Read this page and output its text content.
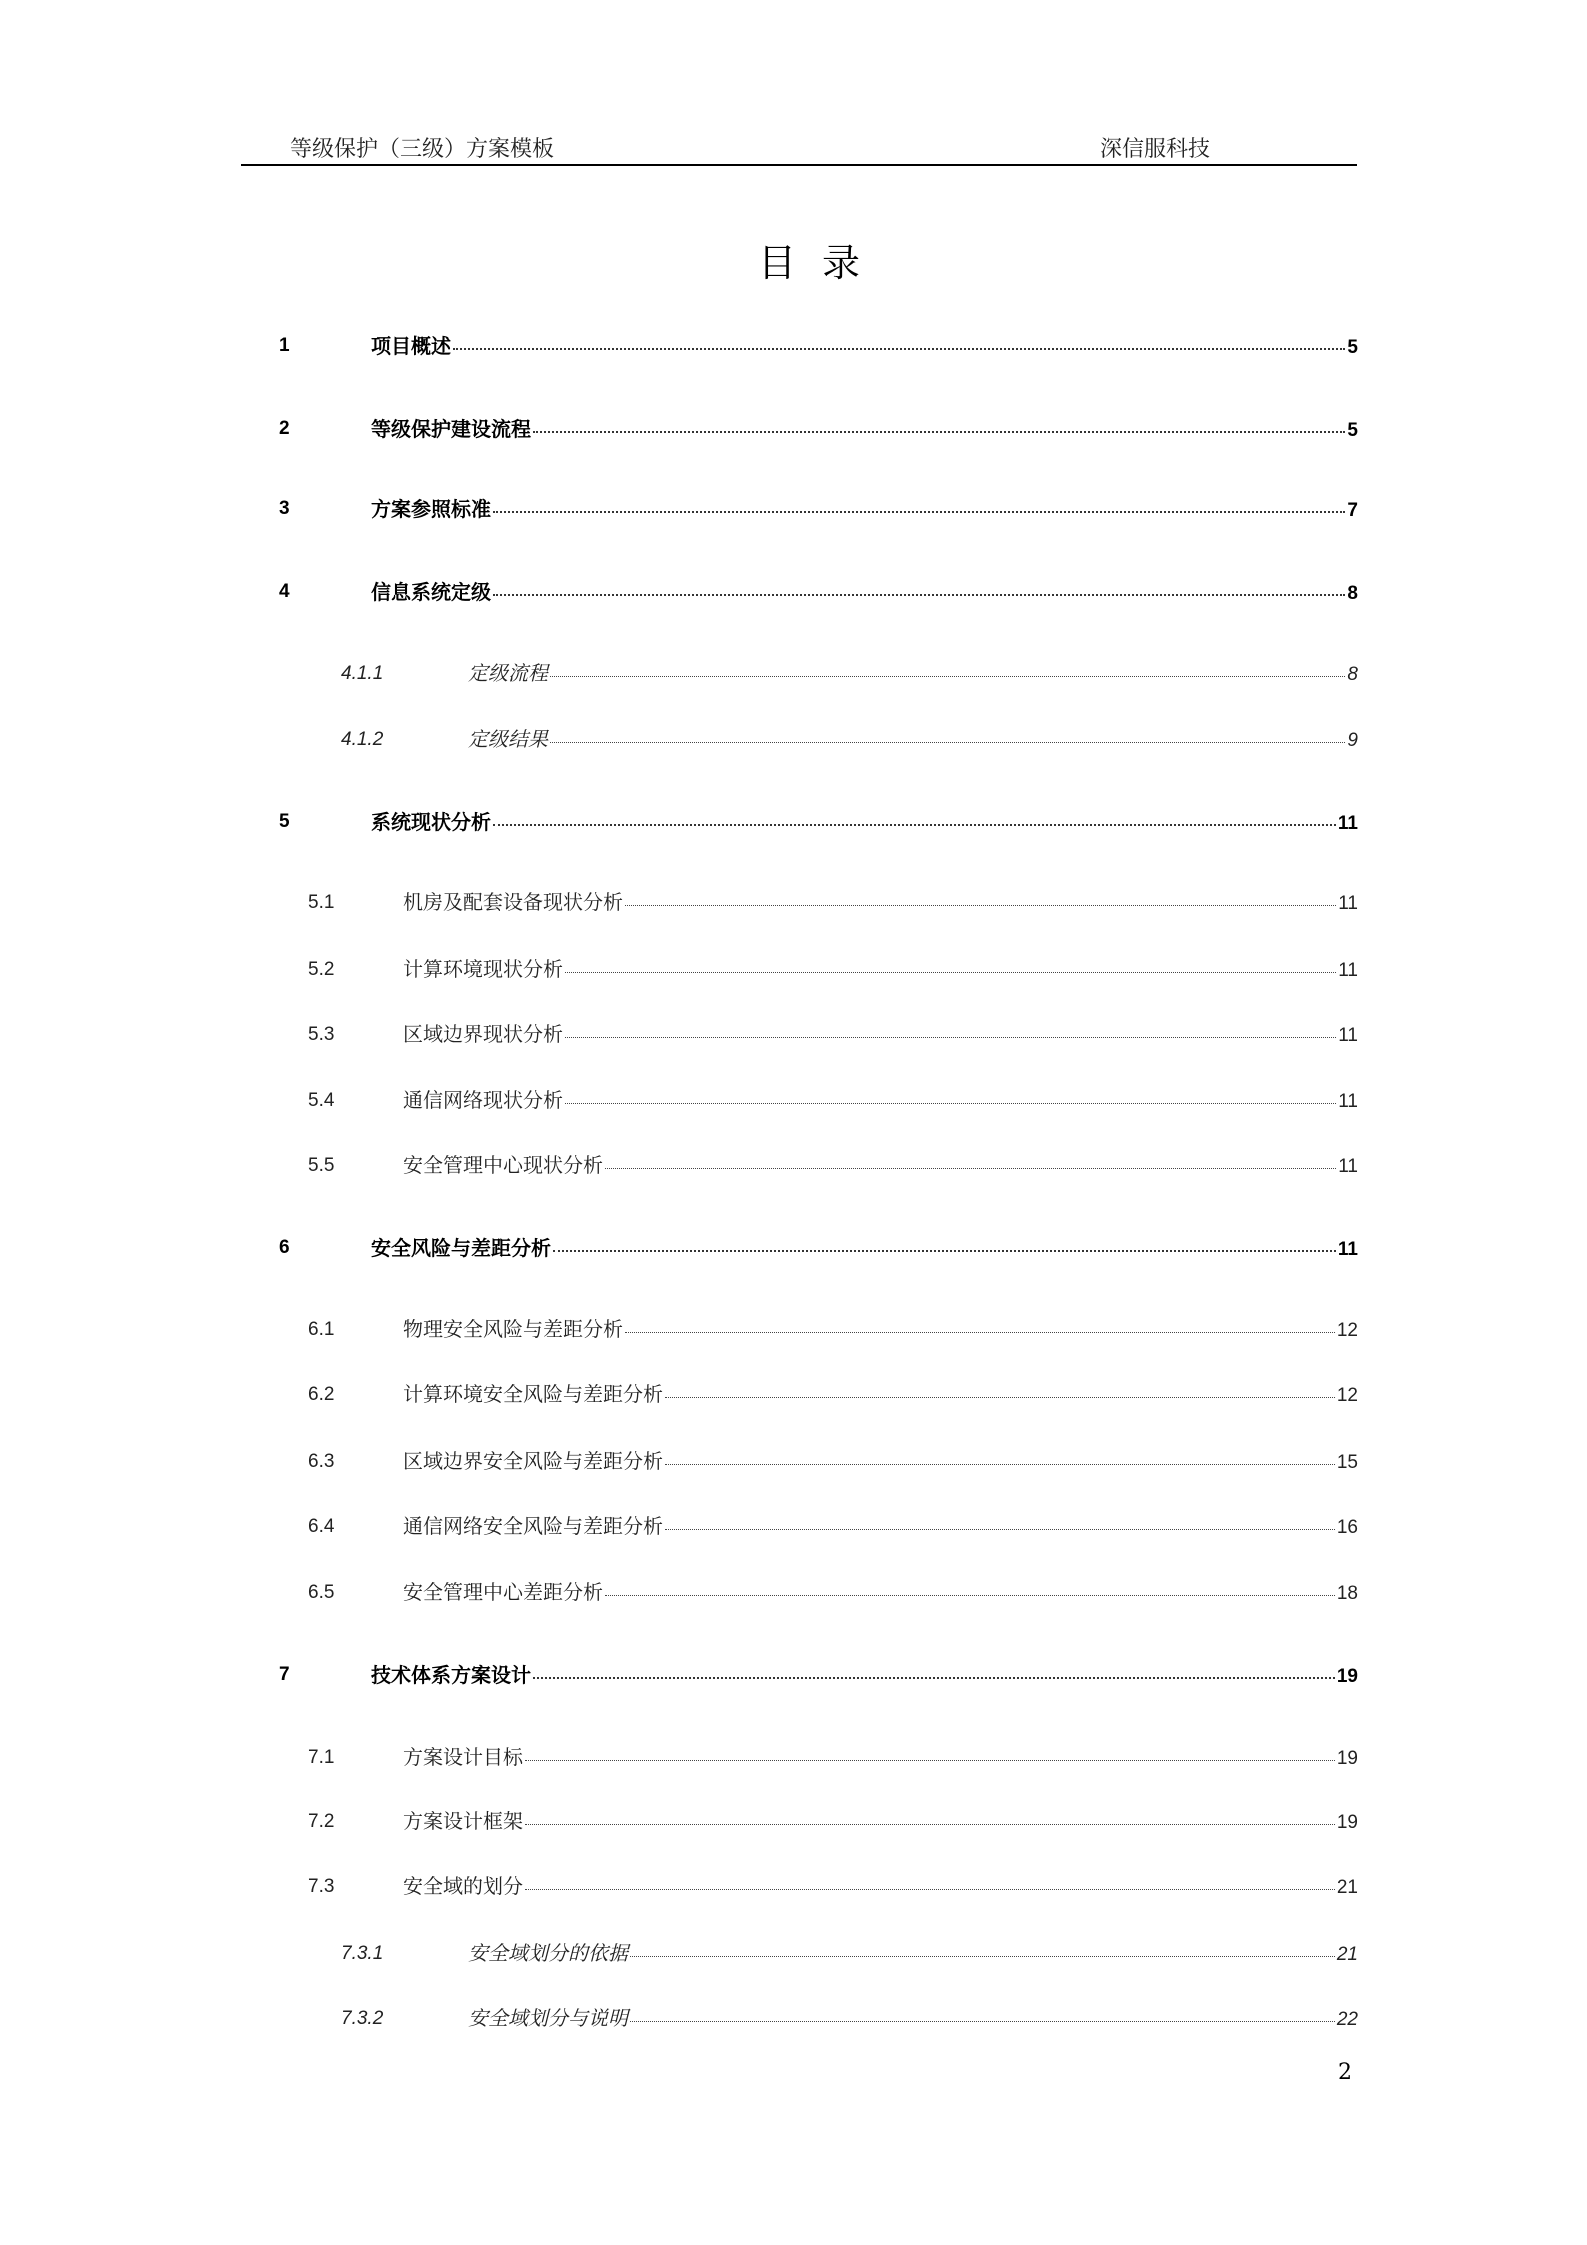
等级保护（三级）方案模板	深信服科技
目录
1	项目概述	5
2	等级保护建设流程	5
3	方案参照标准	7
4	信息系统定级	8
4.1.1	定级流程	8
4.1.2	定级结果	9
5	系统现状分析	11
5.1	机房及配套设备现状分析	11
5.2	计算环境现状分析	11
5.3	区域边界现状分析	11
5.4	通信网络现状分析	11
5.5	安全管理中心现状分析	11
6	安全风险与差距分析	11
6.1	物理安全风险与差距分析	12
6.2	计算环境安全风险与差距分析	12
6.3	区域边界安全风险与差距分析	15
6.4	通信网络安全风险与差距分析	16
6.5	安全管理中心差距分析	18
7	技术体系方案设计	19
7.1	方案设计目标	19
7.2	方案设计框架	19
7.3	安全域的划分	21
7.3.1	安全域划分的依据	21
7.3.2	安全域划分与说明	22
2
